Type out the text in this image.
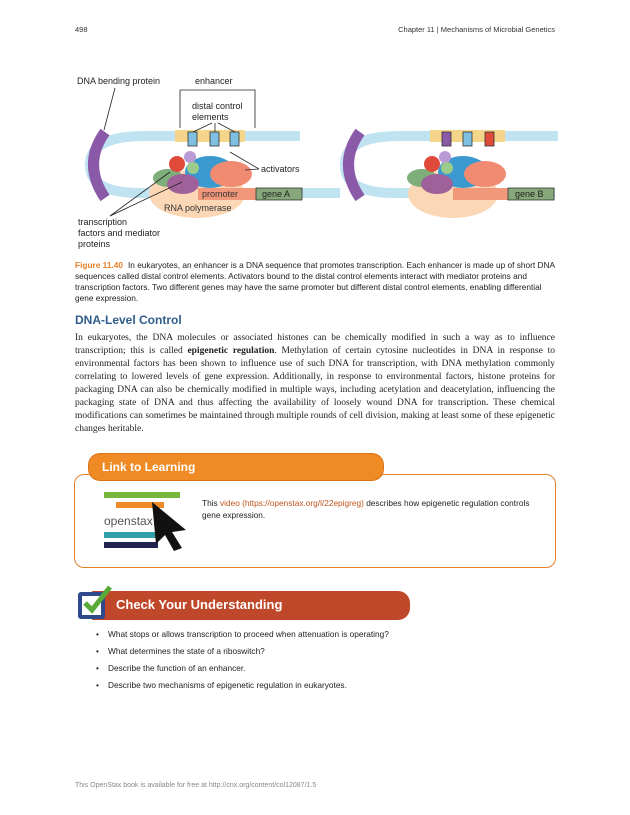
498	Chapter 11 | Mechanisms of Microbial Genetics
promoter	gene A
RNA polymerase
DNA bending protein	enhancer
distal control
elements
activators
transcription
factors and mediator
proteins
gene B
Figure 11.40 In eukaryotes, an enhancer is a DNA sequence that promotes transcription. Each enhancer is made up of short DNA sequences called distal control elements. Activators bound to the distal control elements interact with mediator proteins and transcription factors. Two different genes may have the same promoter but different distal control elements, enabling differential gene expression.
DNA-Level Control
In eukaryotes, the DNA molecules or associated histones can be chemically modified in such a way as to influence transcription; this is called epigenetic regulation. Methylation of certain cytosine nucleotides in DNA in response to environmental factors has been shown to influence use of such DNA for transcription, with DNA methylation commonly correlating to lowered levels of gene expression. Additionally, in response to environmental factors, histone proteins for packaging DNA can also be chemically modified in multiple ways, including acetylation and deacetylation, influencing the packaging state of DNA and thus affecting the availability of loosely wound DNA for transcription. These chemical modifications can sometimes be maintained through multiple rounds of cell division, making at least some of these epigenetic changes heritable.
Link to Learning
openstax
This video (https://openstax.org/l/22epigreg) describes how epigenetic regulation controls gene expression.
Check Your Understanding
• What stops or allows transcription to proceed when attenuation is operating?
• What determines the state of a riboswitch?
• Describe the function of an enhancer.
• Describe two mechanisms of epigenetic regulation in eukaryotes.
This OpenStax book is available for free at http://cnx.org/content/col12087/1.5
